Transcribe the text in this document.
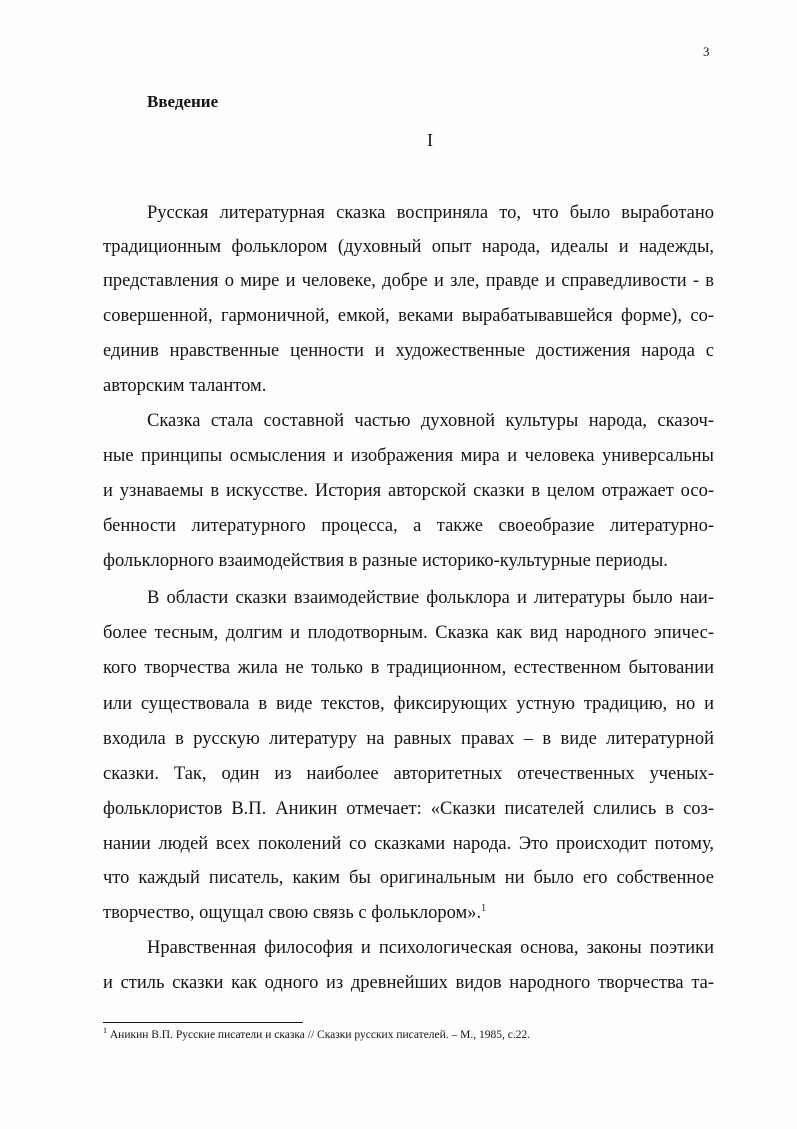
3
Введение
I
Русская литературная сказка восприняла то, что было выработано
традиционным фольклором (духовный опыт народа, идеалы и надежды,
представления о мире и человеке, добре и зле, правде и справедливости - в
совершенной, гармоничной, емкой, веками вырабатывавшейся форме), со-
единив нравственные ценности и художественные достижения народа с
авторским талантом.
Сказка стала составной частью духовной культуры народа, сказоч-
ные принципы осмысления и изображения мира и человека универсальны
и узнаваемы в искусстве. История авторской сказки в целом отражает осо-
бенности литературного процесса, а также своеобразие литературно-
фольклорного взаимодействия в разные историко-культурные периоды.
В области сказки взаимодействие фольклора и литературы было наи-
более тесным, долгим и плодотворным. Сказка как вид народного эпичес-
кого творчества жила не только в традиционном, естественном бытовании
или существовала в виде текстов, фиксирующих устную традицию, но и
входила в русскую литературу на равных правах – в виде литературной
сказки. Так, один из наиболее авторитетных отечественных ученых-
фольклористов В.П. Аникин отмечает: «Сказки писателей слились в соз-
нании людей всех поколений со сказками народа. Это происходит потому,
что каждый писатель, каким бы оригинальным ни было его собственное
творчество, ощущал свою связь с фольклором».$^1$
Нравственная философия и психологическая основа, законы поэтики
и стиль сказки как одного из древнейших видов народного творчества та-
$^1$ Аникин В.П. Русские писатели и сказка // Сказки русских писателей. – М., 1985, с.22.
